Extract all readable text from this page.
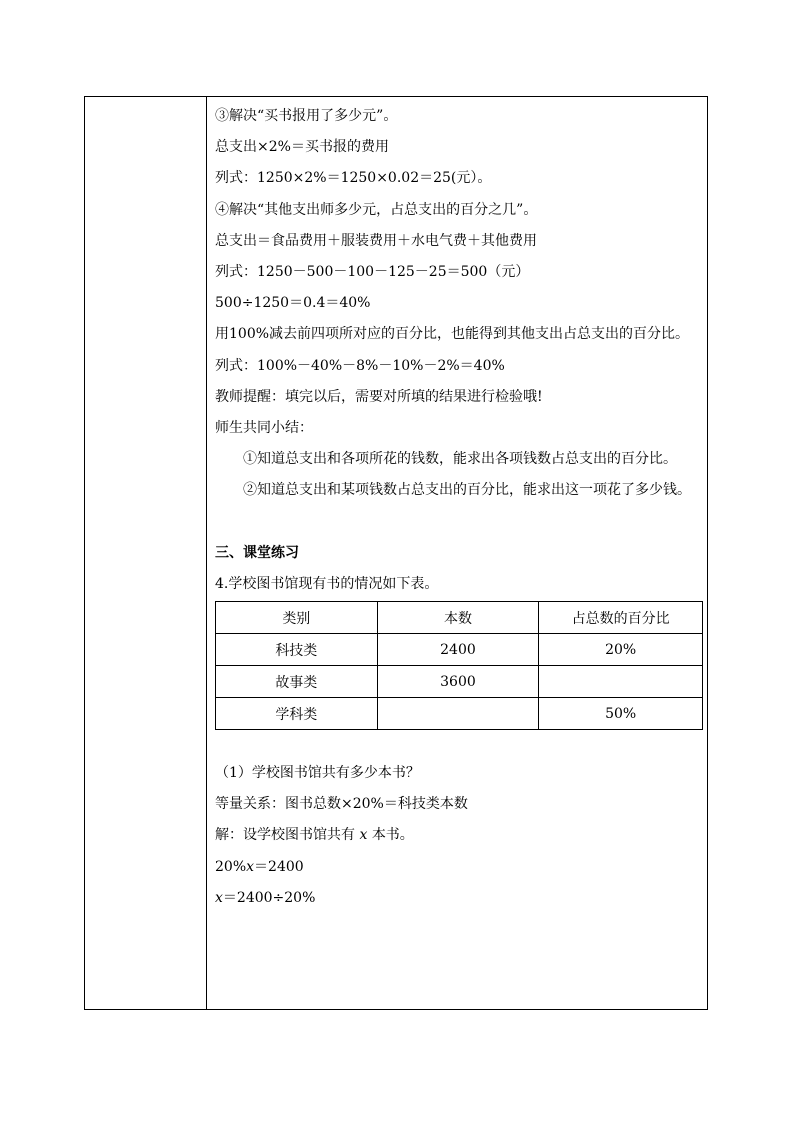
③解决“买书报用了多少元”。
总支出×2%＝买书报的费用
列式：1250×2%＝1250×0.02＝25(元）。
④解决“其他支出师多少元，占总支出的百分之几”。
总支出＝食品费用＋服装费用＋水电气费＋其他费用
列式：1250－500－100－125－25＝500（元）
500÷1250＝0.4＝40%
用100%减去前四项所对应的百分比，也能得到其他支出占总支出的百分比。
列式：100%－40%－8%－10%－2%＝40%
教师提醒：填完以后，需要对所填的结果进行检验哦!
师生共同小结：
①知道总支出和各项所花的钱数，能求出各项钱数占总支出的百分比。
②知道总支出和某项钱数占总支出的百分比，能求出这一项花了多少钱。
三、课堂练习
4.学校图书馆现有书的情况如下表。
类别	本数	占总数的百分比
科技类	2400	20%
故事类	3600	
学科类		50%
（1）学校图书馆共有多少本书？
等量关系：图书总数×20%＝科技类本数
解：设学校图书馆共有 x 本书。
20%x＝2400
x＝2400÷20%
